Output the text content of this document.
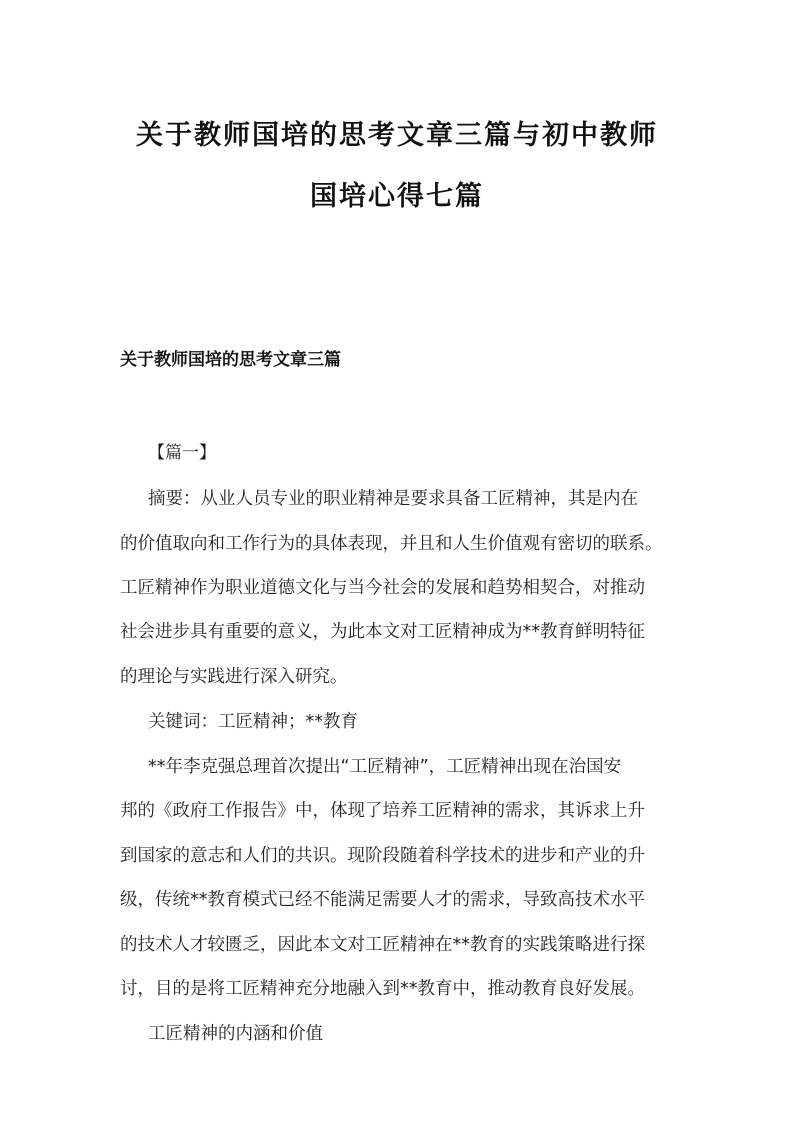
关于教师国培的思考文章三篇与初中教师
国培心得七篇
关于教师国培的思考文章三篇
【篇一】
摘要：从业人员专业的职业精神是要求具备工匠精神，其是内在
的价值取向和工作行为的具体表现，并且和人生价值观有密切的联系。
工匠精神作为职业道德文化与当今社会的发展和趋势相契合，对推动
社会进步具有重要的意义，为此本文对工匠精神成为**教育鲜明特征
的理论与实践进行深入研究。
关键词：工匠精神；**教育
**年李克强总理首次提出“工匠精神”，工匠精神出现在治国安
邦的《政府工作报告》中，体现了培养工匠精神的需求，其诉求上升
到国家的意志和人们的共识。现阶段随着科学技术的进步和产业的升
级，传统**教育模式已经不能满足需要人才的需求，导致高技术水平
的技术人才较匮乏，因此本文对工匠精神在**教育的实践策略进行探
讨，目的是将工匠精神充分地融入到**教育中，推动教育良好发展。
工匠精神的内涵和价值
